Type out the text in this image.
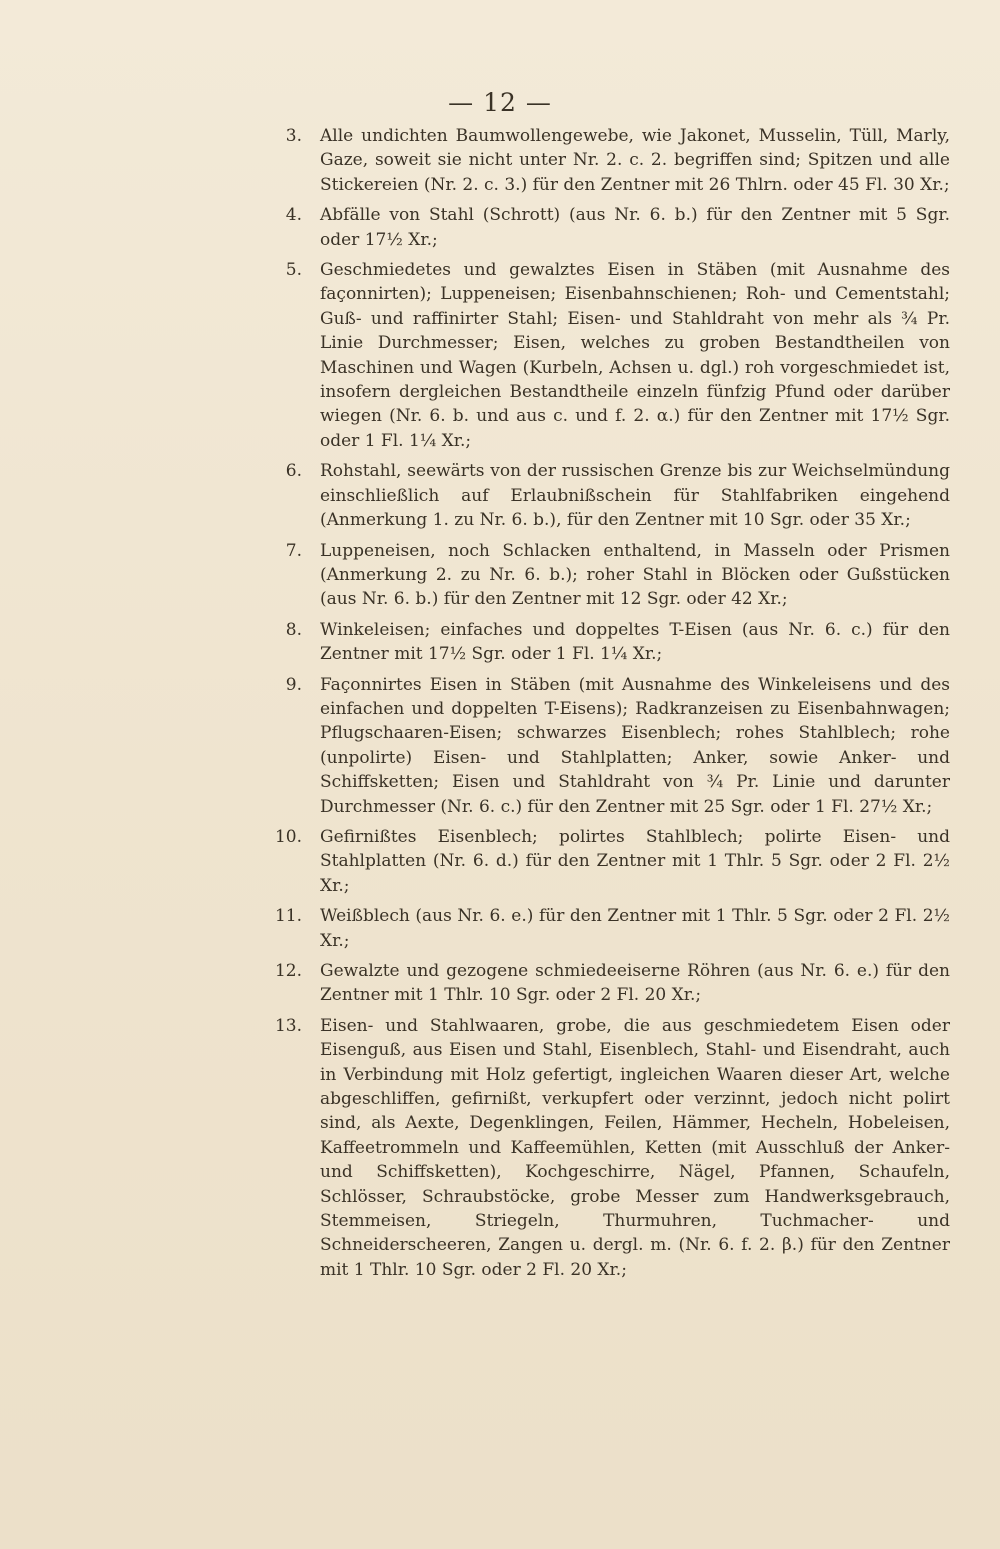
— 12 —
3. Alle undichten Baumwollengewebe, wie Jakonet, Musselin, Tüll, Marly, Gaze, soweit sie nicht unter Nr. 2. c. 2. begriffen sind; Spitzen und alle Stickereien (Nr. 2. c. 3.) für den Zentner mit 26 Thlrn. oder 45 Fl. 30 Xr.;
4. Abfälle von Stahl (Schrott) (aus Nr. 6. b.) für den Zentner mit 5 Sgr. oder 17½ Xr.;
5. Geschmiedetes und gewalztes Eisen in Stäben (mit Ausnahme des façonnirten); Luppeneisen; Eisenbahnschienen; Roh- und Cementstahl; Guß- und raffinirter Stahl; Eisen- und Stahldraht von mehr als ¾ Pr. Linie Durchmesser; Eisen, welches zu groben Bestandtheilen von Maschinen und Wagen (Kurbeln, Achsen u. dgl.) roh vorgeschmiedet ist, insofern dergleichen Bestandtheile einzeln fünfzig Pfund oder darüber wiegen (Nr. 6. b. und aus c. und f. 2. α.) für den Zentner mit 17½ Sgr. oder 1 Fl. 1¼ Xr.;
6. Rohstahl, seewärts von der russischen Grenze bis zur Weichselmündung einschließlich auf Erlaubnißschein für Stahlfabriken eingehend (Anmerkung 1. zu Nr. 6. b.), für den Zentner mit 10 Sgr. oder 35 Xr.;
7. Luppeneisen, noch Schlacken enthaltend, in Masseln oder Prismen (Anmerkung 2. zu Nr. 6. b.); roher Stahl in Blöcken oder Gußstücken (aus Nr. 6. b.) für den Zentner mit 12 Sgr. oder 42 Xr.;
8. Winkeleisen; einfaches und doppeltes T-Eisen (aus Nr. 6. c.) für den Zentner mit 17½ Sgr. oder 1 Fl. 1¼ Xr.;
9. Façonnirtes Eisen in Stäben (mit Ausnahme des Winkeleisens und des einfachen und doppelten T-Eisens); Radkranzeisen zu Eisenbahnwagen; Pflugschaaren-Eisen; schwarzes Eisenblech; rohes Stahlblech; rohe (unpolirte) Eisen- und Stahlplatten; Anker, sowie Anker- und Schiffsketten; Eisen und Stahldraht von ¾ Pr. Linie und darunter Durchmesser (Nr. 6. c.) für den Zentner mit 25 Sgr. oder 1 Fl. 27½ Xr.;
10. Gefirnißtes Eisenblech; polirtes Stahlblech; polirte Eisen- und Stahlplatten (Nr. 6. d.) für den Zentner mit 1 Thlr. 5 Sgr. oder 2 Fl. 2½ Xr.;
11. Weißblech (aus Nr. 6. e.) für den Zentner mit 1 Thlr. 5 Sgr. oder 2 Fl. 2½ Xr.;
12. Gewalzte und gezogene schmiedeeiserne Röhren (aus Nr. 6. e.) für den Zentner mit 1 Thlr. 10 Sgr. oder 2 Fl. 20 Xr.;
13. Eisen- und Stahlwaaren, grobe, die aus geschmiedetem Eisen oder Eisenguß, aus Eisen und Stahl, Eisenblech, Stahl- und Eisendraht, auch in Verbindung mit Holz gefertigt, ingleichen Waaren dieser Art, welche abgeschliffen, gefirnißt, verkupfert oder verzinnt, jedoch nicht polirt sind, als Aexte, Degenklingen, Feilen, Hämmer, Hecheln, Hobeleisen, Kaffeetrommeln und Kaffeemühlen, Ketten (mit Ausschluß der Anker- und Schiffsketten), Kochgeschirre, Nägel, Pfannen, Schaufeln, Schlösser, Schraubstöcke, grobe Messer zum Handwerksgebrauch, Stemmeisen, Striegeln, Thurmuhren, Tuchmacher- und Schneiderscheeren, Zangen u. dergl. m. (Nr. 6. f. 2. β.) für den Zentner mit 1 Thlr. 10 Sgr. oder 2 Fl. 20 Xr.;
